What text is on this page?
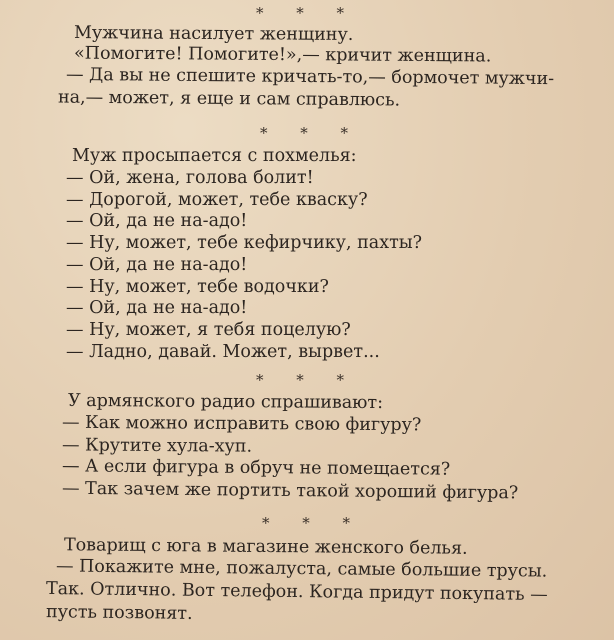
* * *
Мужчина насилует женщину.
«Помогите! Помогите!»,— кричит женщина.
— Да вы не спешите кричать-то,— бормочет мужчи-
на,— может, я еще и сам справлюсь.
* * *
Муж просыпается с похмелья:
— Ой, жена, голова болит!
— Дорогой, может, тебе кваску?
— Ой, да не на-адо!
— Ну, может, тебе кефирчику, пахты?
— Ой, да не на-адо!
— Ну, может, тебе водочки?
— Ой, да не на-адо!
— Ну, может, я тебя поцелую?
— Ладно, давай. Может, вырвет...
* * *
У армянского радио спрашивают:
— Как можно исправить свою фигуру?
— Крутите хула-хуп.
— А если фигура в обруч не помещается?
— Так зачем же портить такой хороший фигура?
* * *
Товарищ с юга в магазине женского белья.
— Покажите мне, пожалуста, самые большие трусы.
Так. Отлично. Вот телефон. Когда придут покупать —
пусть позвонят.
